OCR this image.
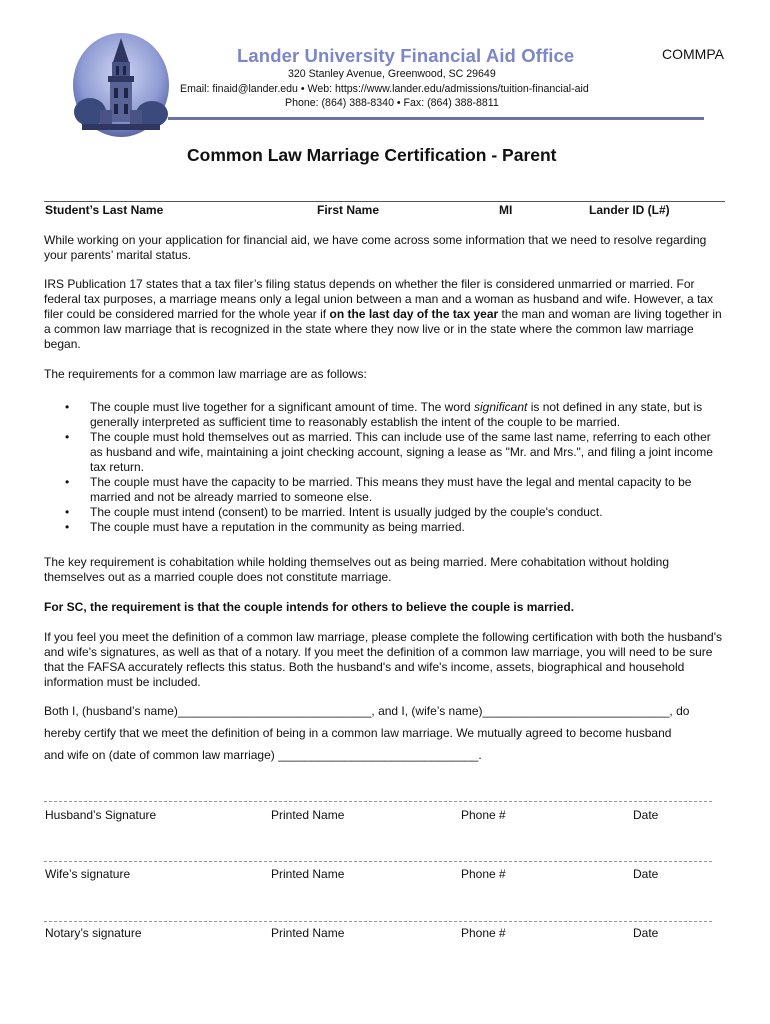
Lander University Financial Aid Office	COMMPA
320 Stanley Avenue, Greenwood, SC 29649
Email: finaid@lander.edu • Web: https://www.lander.edu/admissions/tuition-financial-aid
Phone: (864) 388-8340 • Fax: (864) 388-8811
Common Law Marriage Certification - Parent
Student’s Last Name	First Name	MI	Lander ID (L#)
While working on your application for financial aid, we have come across some information that we need to resolve regarding your parents’ marital status.
IRS Publication 17 states that a tax filer’s filing status depends on whether the filer is considered unmarried or married. For federal tax purposes, a marriage means only a legal union between a man and a woman as husband and wife. However, a tax filer could be considered married for the whole year if on the last day of the tax year the man and woman are living together in a common law marriage that is recognized in the state where they now live or in the state where the common law marriage began.
The requirements for a common law marriage are as follows:
• The couple must live together for a significant amount of time. The word significant is not defined in any state, but is generally interpreted as sufficient time to reasonably establish the intent of the couple to be married.
• The couple must hold themselves out as married. This can include use of the same last name, referring to each other as husband and wife, maintaining a joint checking account, signing a lease as "Mr. and Mrs.", and filing a joint income tax return.
• The couple must have the capacity to be married. This means they must have the legal and mental capacity to be married and not be already married to someone else.
• The couple must intend (consent) to be married. Intent is usually judged by the couple's conduct.
• The couple must have a reputation in the community as being married.
The key requirement is cohabitation while holding themselves out as being married. Mere cohabitation without holding themselves out as a married couple does not constitute marriage.
For SC, the requirement is that the couple intends for others to believe the couple is married.
If you feel you meet the definition of a common law marriage, please complete the following certification with both the husband's and wife's signatures, as well as that of a notary. If you meet the definition of a common law marriage, you will need to be sure that the FAFSA accurately reflects this status. Both the husband's and wife's income, assets, biographical and household information must be included.
Both I, (husband’s name)_____________________________, and I, (wife’s name)____________________________, do
hereby certify that we meet the definition of being in a common law marriage. We mutually agreed to become husband
and wife on (date of common law marriage) ______________________________.
Husband’s Signature	Printed Name	Phone #	Date
Wife’s signature	Printed Name	Phone #	Date
Notary’s signature	Printed Name	Phone #	Date
